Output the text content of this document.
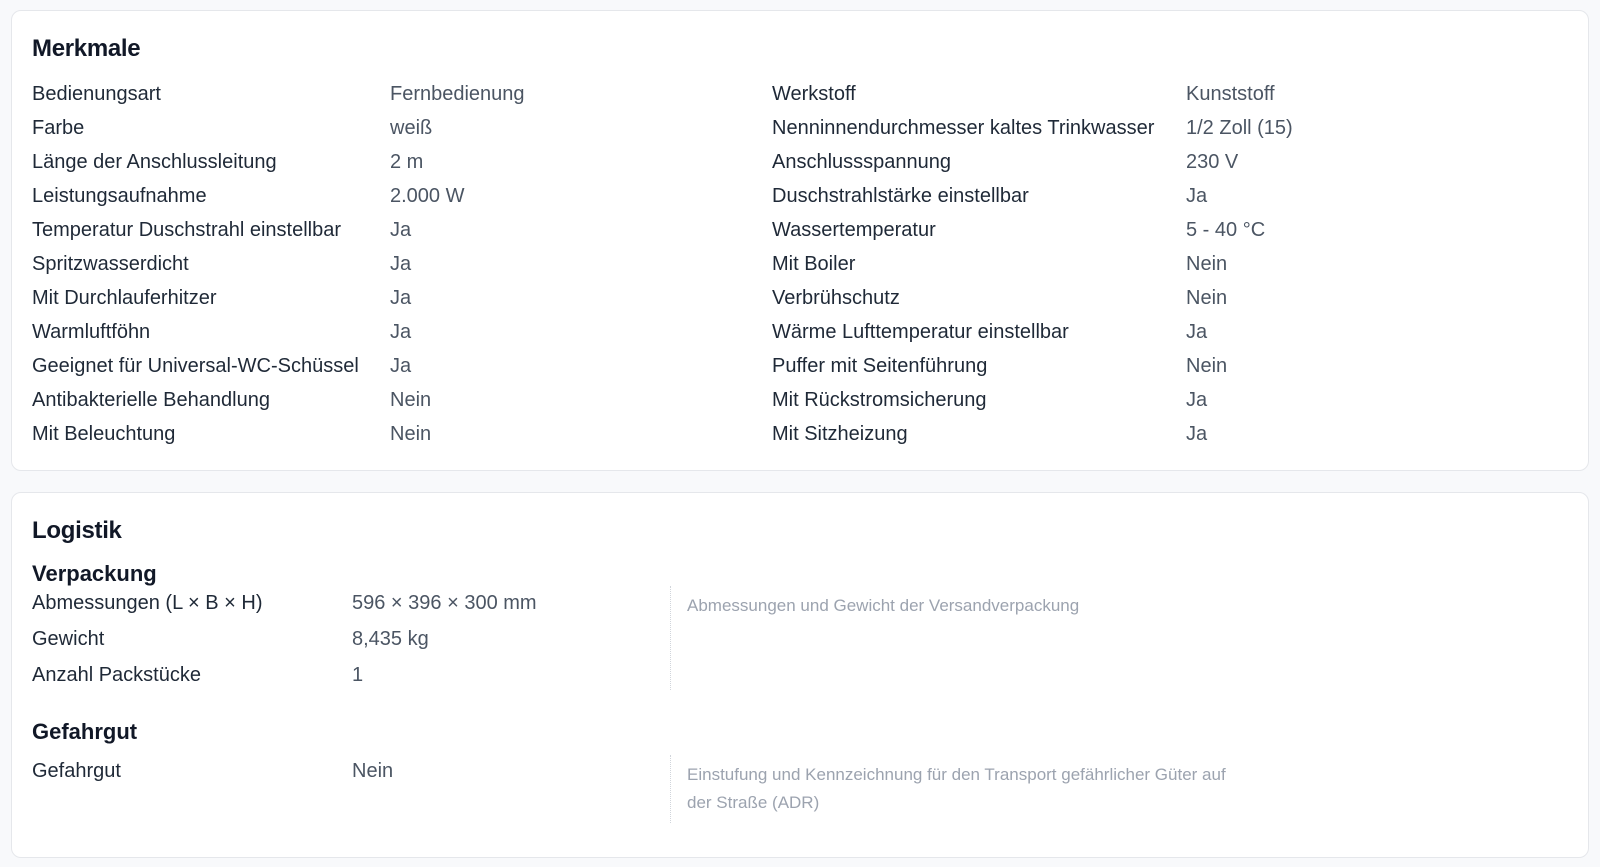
Merkmale
Bedienungsart	Fernbedienung
Farbe	weiß
Länge der Anschlussleitung	2 m
Leistungsaufnahme	2.000 W
Temperatur Duschstrahl einstellbar Ja
Spritzwasserdicht	Ja
Mit Durchlauferhitzer	Ja
Warmluftföhn	Ja
Geeignet für Universal-WC-Schüssel Ja
Antibakterielle Behandlung	Nein
Mit Beleuchtung	Nein
Werkstoff	Kunststoff
Nenninnendurchmesser kaltes Trinkwasser 1/2 Zoll (15)
Anschlussspannung	230 V
Duschstrahlstärke einstellbar	Ja
Wassertemperatur	5 - 40 °C
Mit Boiler	Nein
Verbrühschutz	Nein
Wärme Lufttemperatur einstellbar	Ja
Puffer mit Seitenführung	Nein
Mit Rückstromsicherung	Ja
Mit Sitzheizung	Ja
Logistik
Verpackung
Abmessungen (L × B × H)	596 × 396 × 300 mm
Gewicht	8,435 kg
Anzahl Packstücke	1
Abmessungen und Gewicht der Versandverpackung
Gefahrgut
Gefahrgut	Nein	Einstufung und Kennzeichnung für den Transport gefährlicher Güter auf der Straße (ADR)
